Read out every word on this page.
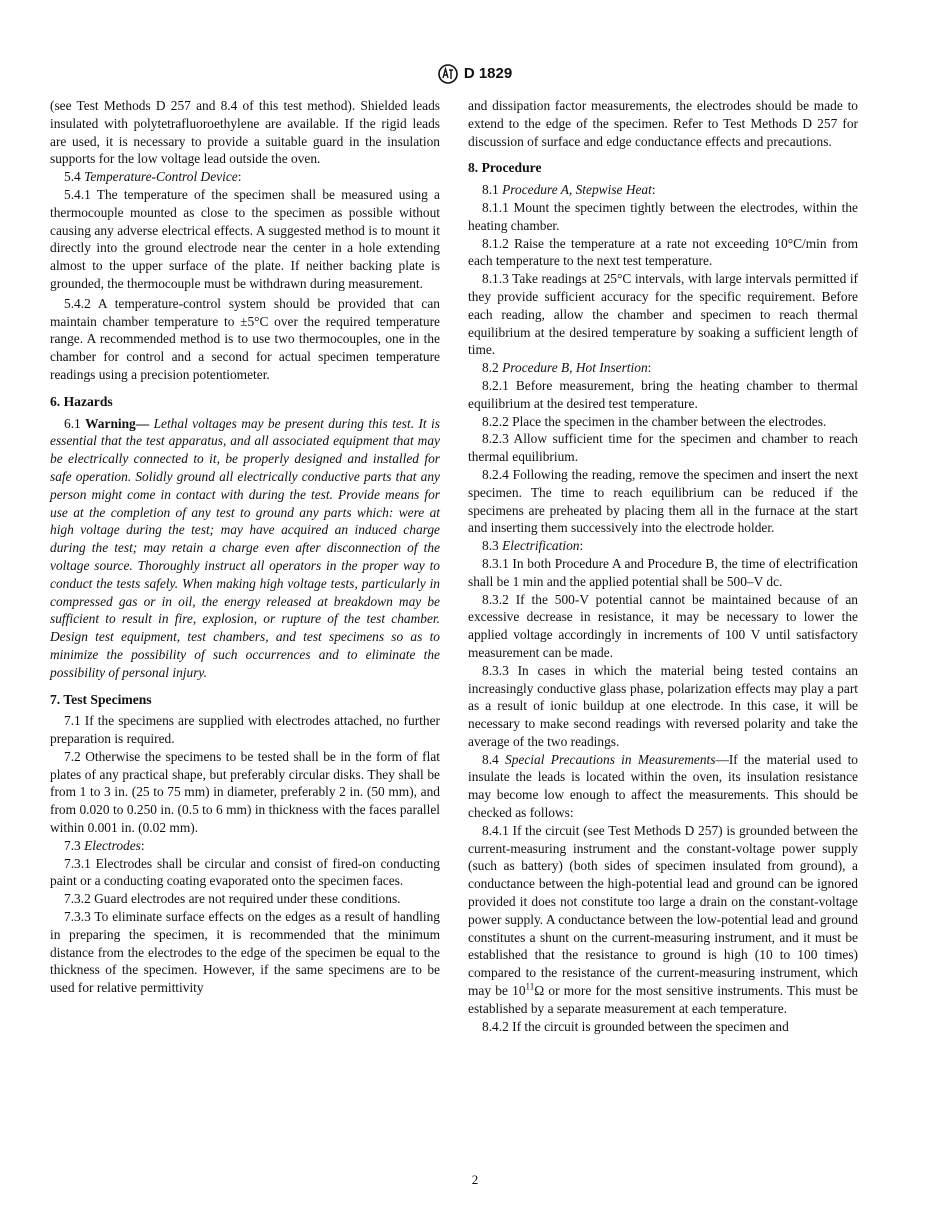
D 1829

(see Test Methods D 257 and 8.4 of this test method). Shielded leads insulated with polytetrafluoroethylene are available. If the rigid leads are used, it is necessary to provide a suitable guard in the insulation supports for the low voltage lead outside the oven.

5.4 Temperature-Control Device:

5.4.1 The temperature of the specimen shall be measured using a thermocouple mounted as close to the specimen as possible without causing any adverse electrical effects. A suggested method is to mount it directly into the ground electrode near the center in a hole extending almost to the upper surface of the plate. If neither backing plate is grounded, the thermocouple must be withdrawn during measurement.

5.4.2 A temperature-control system should be provided that can maintain chamber temperature to ±5°C over the required temperature range. A recommended method is to use two thermocouples, one in the chamber for control and a second for actual specimen temperature readings using a precision potentiometer.

6. Hazards

6.1 Warning— Lethal voltages may be present during this test. It is essential that the test apparatus, and all associated equipment that may be electrically connected to it, be properly designed and installed for safe operation. Solidly ground all electrically conductive parts that any person might come in contact with during the test. Provide means for use at the completion of any test to ground any parts which: were at high voltage during the test; may have acquired an induced charge during the test; may retain a charge even after disconnection of the voltage source. Thoroughly instruct all operators in the proper way to conduct the tests safely. When making high voltage tests, particularly in compressed gas or in oil, the energy released at breakdown may be sufficient to result in fire, explosion, or rupture of the test chamber. Design test equipment, test chambers, and test specimens so as to minimize the possibility of such occurrences and to eliminate the possibility of personal injury.

7. Test Specimens

7.1 If the specimens are supplied with electrodes attached, no further preparation is required.

7.2 Otherwise the specimens to be tested shall be in the form of flat plates of any practical shape, but preferably circular disks. They shall be from 1 to 3 in. (25 to 75 mm) in diameter, preferably 2 in. (50 mm), and from 0.020 to 0.250 in. (0.5 to 6 mm) in thickness with the faces parallel within 0.001 in. (0.02 mm).

7.3 Electrodes:

7.3.1 Electrodes shall be circular and consist of fired-on conducting paint or a conducting coating evaporated onto the specimen faces.

7.3.2 Guard electrodes are not required under these conditions.

7.3.3 To eliminate surface effects on the edges as a result of handling in preparing the specimen, it is recommended that the minimum distance from the electrodes to the edge of the specimen be equal to the thickness of the specimen. However, if the same specimens are to be used for relative permittivity

and dissipation factor measurements, the electrodes should be made to extend to the edge of the specimen. Refer to Test Methods D 257 for discussion of surface and edge conductance effects and precautions.

8. Procedure

8.1 Procedure A, Stepwise Heat:

8.1.1 Mount the specimen tightly between the electrodes, within the heating chamber.

8.1.2 Raise the temperature at a rate not exceeding 10°C/min from each temperature to the next test temperature.

8.1.3 Take readings at 25°C intervals, with large intervals permitted if they provide sufficient accuracy for the specific requirement. Before each reading, allow the chamber and specimen to reach thermal equilibrium at the desired temperature by soaking a sufficient length of time.

8.2 Procedure B, Hot Insertion:

8.2.1 Before measurement, bring the heating chamber to thermal equilibrium at the desired test temperature.

8.2.2 Place the specimen in the chamber between the electrodes.

8.2.3 Allow sufficient time for the specimen and chamber to reach thermal equilibrium.

8.2.4 Following the reading, remove the specimen and insert the next specimen. The time to reach equilibrium can be reduced if the specimens are preheated by placing them all in the furnace at the start and inserting them successively into the electrode holder.

8.3 Electrification:

8.3.1 In both Procedure A and Procedure B, the time of electrification shall be 1 min and the applied potential shall be 500–V dc.

8.3.2 If the 500-V potential cannot be maintained because of an excessive decrease in resistance, it may be necessary to lower the applied voltage accordingly in increments of 100 V until satisfactory measurement can be made.

8.3.3 In cases in which the material being tested contains an increasingly conductive glass phase, polarization effects may play a part as a result of ionic buildup at one electrode. In this case, it will be necessary to make second readings with reversed polarity and take the average of the two readings.

8.4 Special Precautions in Measurements—If the material used to insulate the leads is located within the oven, its insulation resistance may become low enough to affect the measurements. This should be checked as follows:

8.4.1 If the circuit (see Test Methods D 257) is grounded between the current-measuring instrument and the constant-voltage power supply (such as battery) (both sides of specimen insulated from ground), a conductance between the high-potential lead and ground can be ignored provided it does not constitute too large a drain on the constant-voltage power supply. A conductance between the low-potential lead and ground constitutes a shunt on the current-measuring instrument, and it must be established that the resistance to ground is high (10 to 100 times) compared to the resistance of the current-measuring instrument, which may be $10^{11}\Omega$ or more for the most sensitive instruments. This must be established by a separate measurement at each temperature.

8.4.2 If the circuit is grounded between the specimen and

2
